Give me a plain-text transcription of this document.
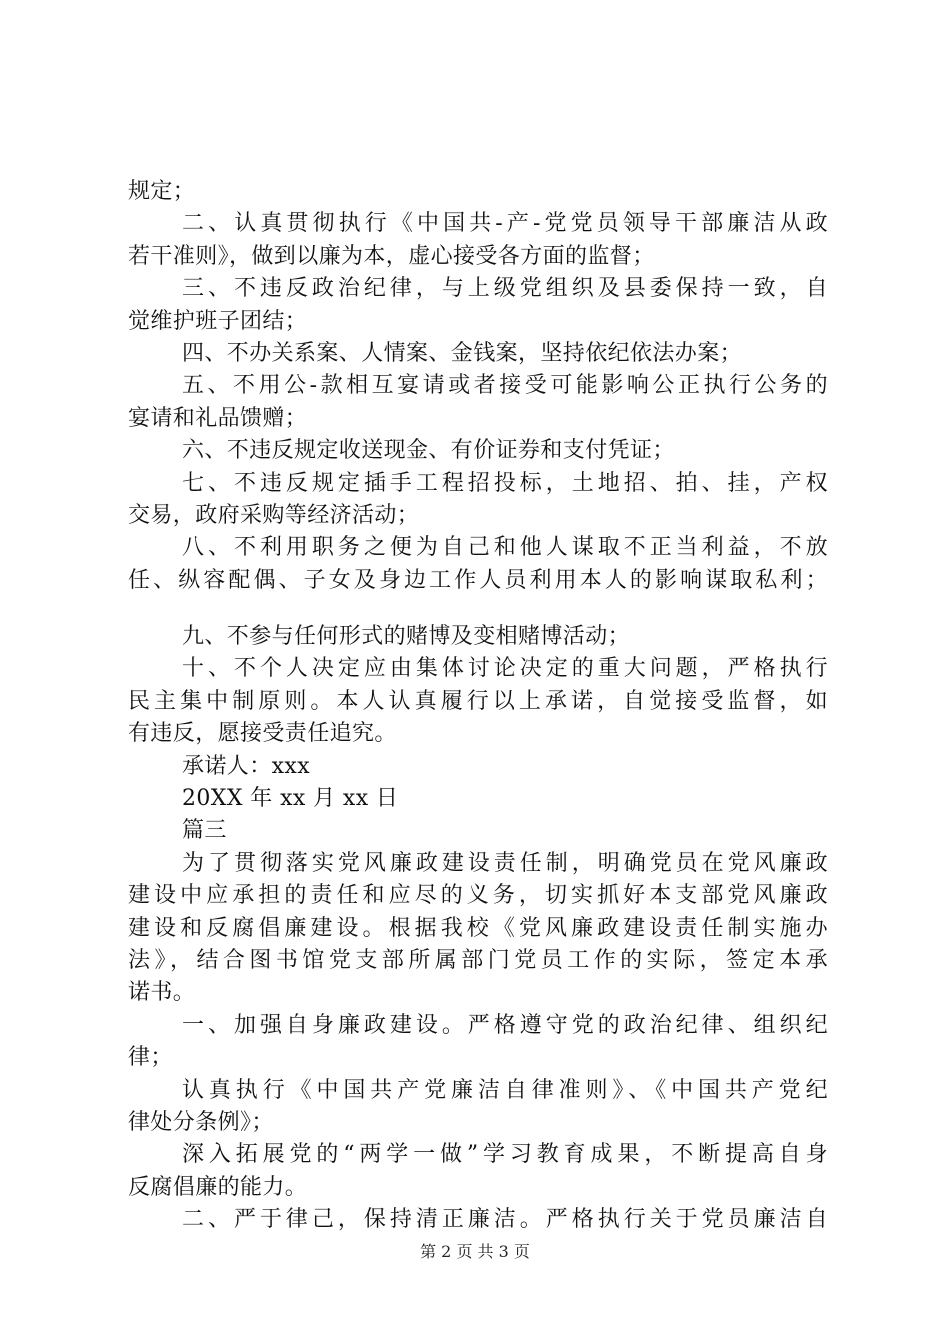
规定；
二、认真贯彻执行《中国共-产-党党员领导干部廉洁从政
若干准则》，做到以廉为本，虚心接受各方面的监督；
三、不违反政治纪律，与上级党组织及县委保持一致，自
觉维护班子团结；
四、不办关系案、人情案、金钱案，坚持依纪依法办案；
五、不用公-款相互宴请或者接受可能影响公正执行公务的
宴请和礼品馈赠；
六、不违反规定收送现金、有价证券和支付凭证；
七、不违反规定插手工程招投标，土地招、拍、挂，产权
交易，政府采购等经济活动；
八、不利用职务之便为自己和他人谋取不正当利益，不放
任、纵容配偶、子女及身边工作人员利用本人的影响谋取私利；
九、不参与任何形式的赌博及变相赌博活动；
十、不个人决定应由集体讨论决定的重大问题，严格执行
民主集中制原则。本人认真履行以上承诺，自觉接受监督，如
有违反，愿接受责任追究。
承诺人：xxx
20XX 年 xx 月 xx 日
篇三
为了贯彻落实党风廉政建设责任制，明确党员在党风廉政
建设中应承担的责任和应尽的义务，切实抓好本支部党风廉政
建设和反腐倡廉建设。根据我校《党风廉政建设责任制实施办
法》，结合图书馆党支部所属部门党员工作的实际，签定本承
诺书。
一、加强自身廉政建设。严格遵守党的政治纪律、组织纪
律；
认真执行《中国共产党廉洁自律准则》、《中国共产党纪
律处分条例》；
深入拓展党的“两学一做”学习教育成果，不断提高自身
反腐倡廉的能力。
二、严于律己，保持清正廉洁。严格执行关于党员廉洁自
第 2 页 共 3 页
